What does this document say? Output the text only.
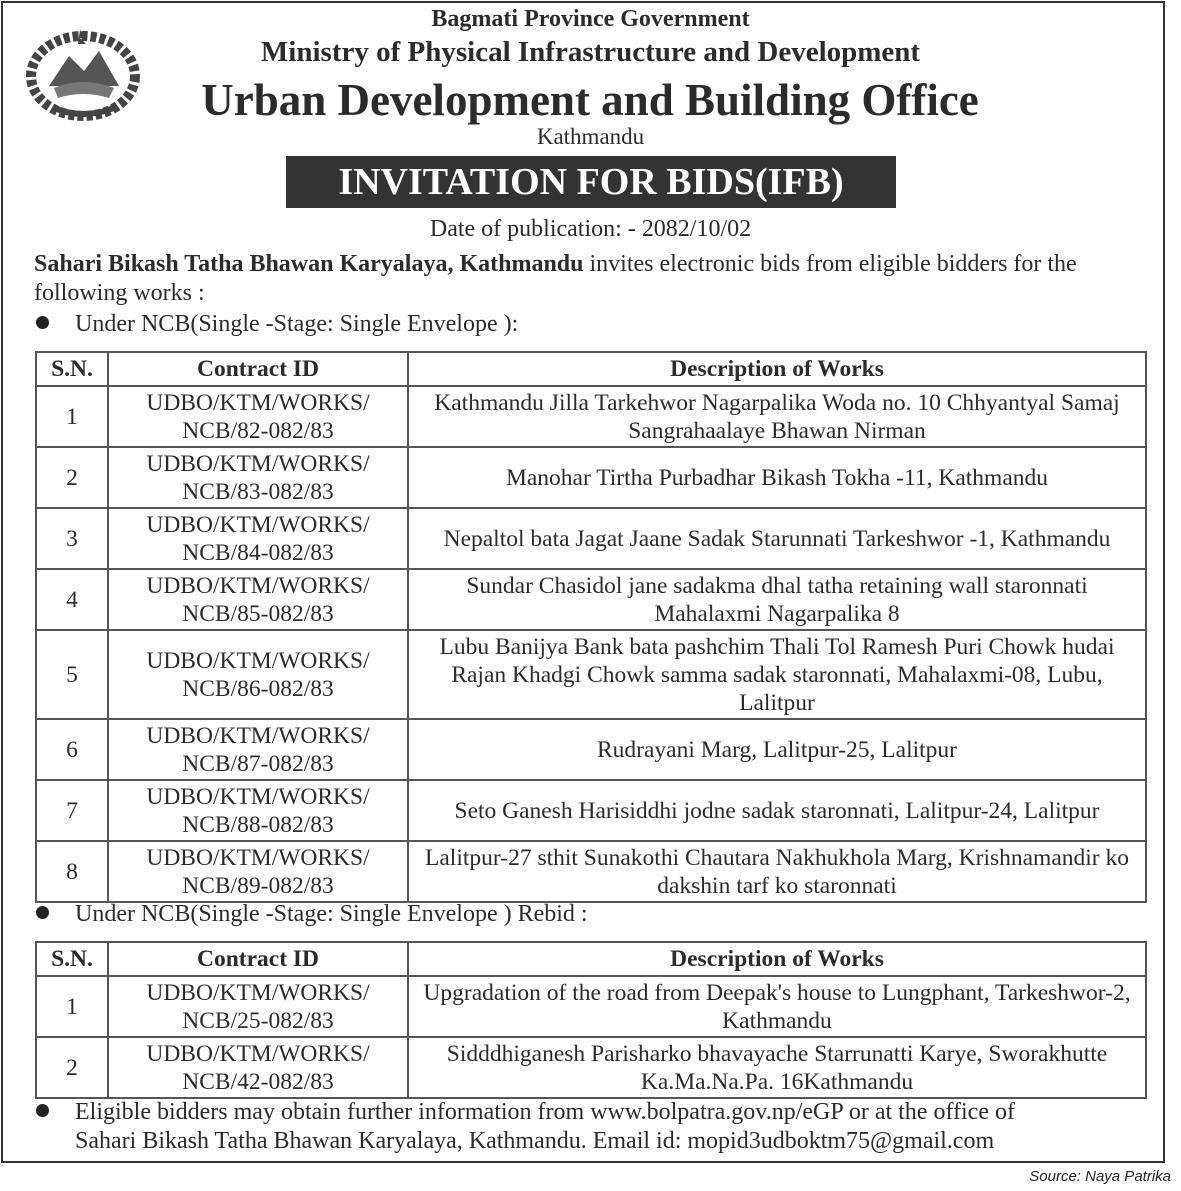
Bagmati Province Government
Ministry of Physical Infrastructure and Development
Urban Development and Building Office
Kathmandu
INVITATION FOR BIDS(IFB)
Date of publication: - 2082/10/02
Sahari Bikash Tatha Bhawan Karyalaya, Kathmandu invites electronic bids from eligible bidders for the following works :
Under NCB(Single -Stage: Single Envelope ):
S.N.	Contract ID	Description of Works
1	UDBO/KTM/WORKS/
NCB/82-082/83	Kathmandu Jilla Tarkehwor Nagarpalika Woda no. 10 Chhyantyal Samaj Sangrahaalaye Bhawan Nirman
2	UDBO/KTM/WORKS/
NCB/83-082/83	Manohar Tirtha Purbadhar Bikash Tokha -11, Kathmandu
3	UDBO/KTM/WORKS/
NCB/84-082/83	Nepaltol bata Jagat Jaane Sadak Starunnati Tarkeshwor -1, Kathmandu
4	UDBO/KTM/WORKS/
NCB/85-082/83	Sundar Chasidol jane sadakma dhal tatha retaining wall staronnati Mahalaxmi Nagarpalika 8
5	UDBO/KTM/WORKS/
NCB/86-082/83	Lubu Banijya Bank bata pashchim Thali Tol Ramesh Puri Chowk hudai Rajan Khadgi Chowk samma sadak staronnati, Mahalaxmi-08, Lubu, Lalitpur
6	UDBO/KTM/WORKS/
NCB/87-082/83	Rudrayani Marg, Lalitpur-25, Lalitpur
7	UDBO/KTM/WORKS/
NCB/88-082/83	Seto Ganesh Harisiddhi jodne sadak staronnati, Lalitpur-24, Lalitpur
8	UDBO/KTM/WORKS/
NCB/89-082/83	Lalitpur-27 sthit Sunakothi Chautara Nakhukhola Marg, Krishnamandir ko dakshin tarf ko staronnati
Under NCB(Single -Stage: Single Envelope ) Rebid :
S.N.	Contract ID	Description of Works
1	UDBO/KTM/WORKS/
NCB/25-082/83	Upgradation of the road from Deepak's house to Lungphant, Tarkeshwor-2, Kathmandu
2	UDBO/KTM/WORKS/
NCB/42-082/83	Sidddhiganesh Parisharko bhavayache Starrunatti Karye, Sworakhutte Ka.Ma.Na.Pa. 16Kathmandu
Eligible bidders may obtain further information from www.bolpatra.gov.np/eGP or at the office of
Sahari Bikash Tatha Bhawan Karyalaya, Kathmandu. Email id: mopid3udboktm75@gmail.com
Source: Naya Patrika
